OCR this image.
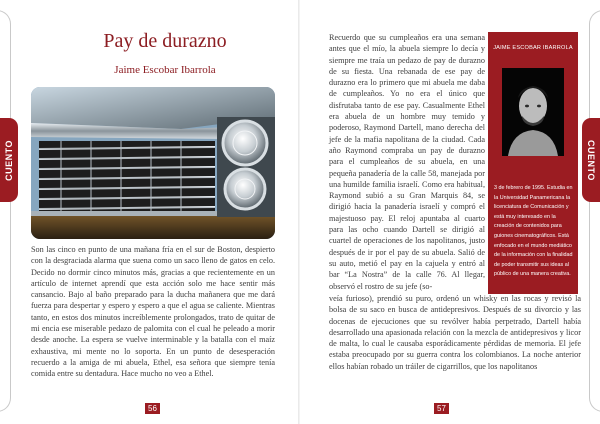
CUENTO
Pay de durazno
Jaime Escobar Ibarrola

Son las cinco en punto de una mañana fría en el sur de Boston, despierto con la desgraciada alarma que suena como un saco lleno de gatos en celo. Decido no dormir cinco minutos más, gracias a que recientemente en un artículo de internet aprendí que esta acción solo me hace sentir más cansancio. Bajo al baño preparado para la ducha mañanera que me dará fuerza para despertar y espero y espero a que el agua se caliente. Mientras tanto, en estos dos minutos increíblemente prolongados, trato de quitar de mi encia ese miserable pedazo de palomita con el cual he peleado a morir desde anoche. La espera se vuelve interminable y la batalla con el maíz exhaustiva, mi mente no lo soporta. En un punto de desesperación recuerdo a la amiga de mi abuela, Ethel, esa señora que siempre tenía comida entre su dentadura. Hace mucho no veo a Ethel.

56
CUENTO

Recuerdo que su cumpleaños era una semana antes que el mío, la abuela siempre lo decía y siempre me traía un pedazo de pay de durazno de su fiesta. Una rebanada de ese pay de durazno era lo primero que mi abuela me daba de cumpleaños. Yo no era el único que disfrutaba tanto de ese pay. Casualmente Ethel era abuela de un hombre muy temido y poderoso, Raymond Dartell, mano derecha del jefe de la mafia napolitana de la ciudad. Cada año Raymond compraba un pay de durazno para el cumpleaños de su abuela, en una pequeña panadería de la calle 58, manejada por una humilde familia israelí. Como era habitual, Raymond subió a su Gran Marquis 84, se dirigió hacia la panadería israelí y compró el majestuoso pay. El reloj apuntaba al cuarto para las ocho cuando Dartell se dirigió al cuartel de operaciones de los napolitanos, justo después de ir por el pay de su abuela. Salió de su auto, metió el pay en la cajuela y entró al bar “La Nostra” de la calle 76. Al llegar, observó el rostro de su jefe (so-

JAIME ESCOBAR IBARROLA

3 de febrero de 1995. Estudia en la Universidad Panamericana la licenciatura de Comunicación y está muy interesado en la creación de contenidos para guiones cinematográficos. Está enfocado en el mundo mediático de la información con la finalidad de poder transmitir sus ideas al público de una manera creativa.

veía furioso), prendió su puro, ordenó un whisky en las rocas y revisó la bolsa de su saco en busca de antidepresivos. Después de su divorcio y las docenas de ejecuciones que su revólver había perpetrado, Dartell había desarrollado una apasionada relación con la mezcla de antidepresivos y licor de malta, lo cual le causaba esporádicamente pérdidas de memoria. El jefe estaba preocupado por su guerra contra los colombianos. La noche anterior ellos habían robado un tráiler de cigarrillos, que los napolitanos

57
